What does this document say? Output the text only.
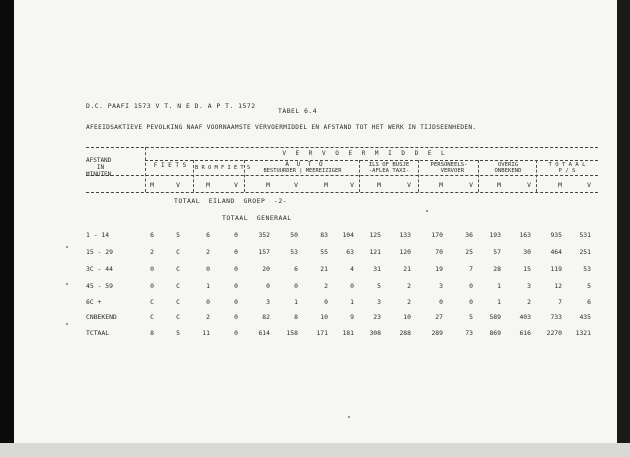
D.C. PAAFI 1573 V T. N E D. A P T. 1572
TABEL 6.4
AFEEIDSAKTIEVE PEVOLKING NAAF VOORNAAMSTE VERVOERMIDDEL EN AFSTAND TOT HET WERK IN TIJDSEENHEDEN.
AFSTAND
IN
MINUTEN
V E R V O E R M I D D E L
F I E T S	B R O M F I E T S	A U T O
BESTUURDER | MEEREIZIGER
ILS OF BUSJE
-AFLEA TAXI-
PERSONEELS-
VERVOER
OVERIG
ONBEKEND
T O T A A L
P / S
M	V	M	V	M	V	M	V	M	V	M	V	M	V	M	V
TOTAAL  EILAND  GROEP  -2-
TOTAAL  GENERAAL
1 - 14	6	5	6	0	352	50	83	104	125	133	170	36	193	163	935	531
15 - 29	2	C	2	0	157	53	55	63	121	120	70	25	57	30	464	251
3C - 44	0	C	0	0	20	6	21	4	31	21	19	7	28	15	119	53
45 - 59	0	C	1	0	0	0	2	0	5	2	3	0	1	3	12	5
6C +	C	C	0	0	3	1	0	1	3	2	0	0	1	2	7	6
CNBEKEND	C	C	2	0	82	8	10	9	23	10	27	5	589	403	733	435
TCTAAL	8	5	11	0	614	158	171	181	308	288	289	73	869	616	2270	1321
